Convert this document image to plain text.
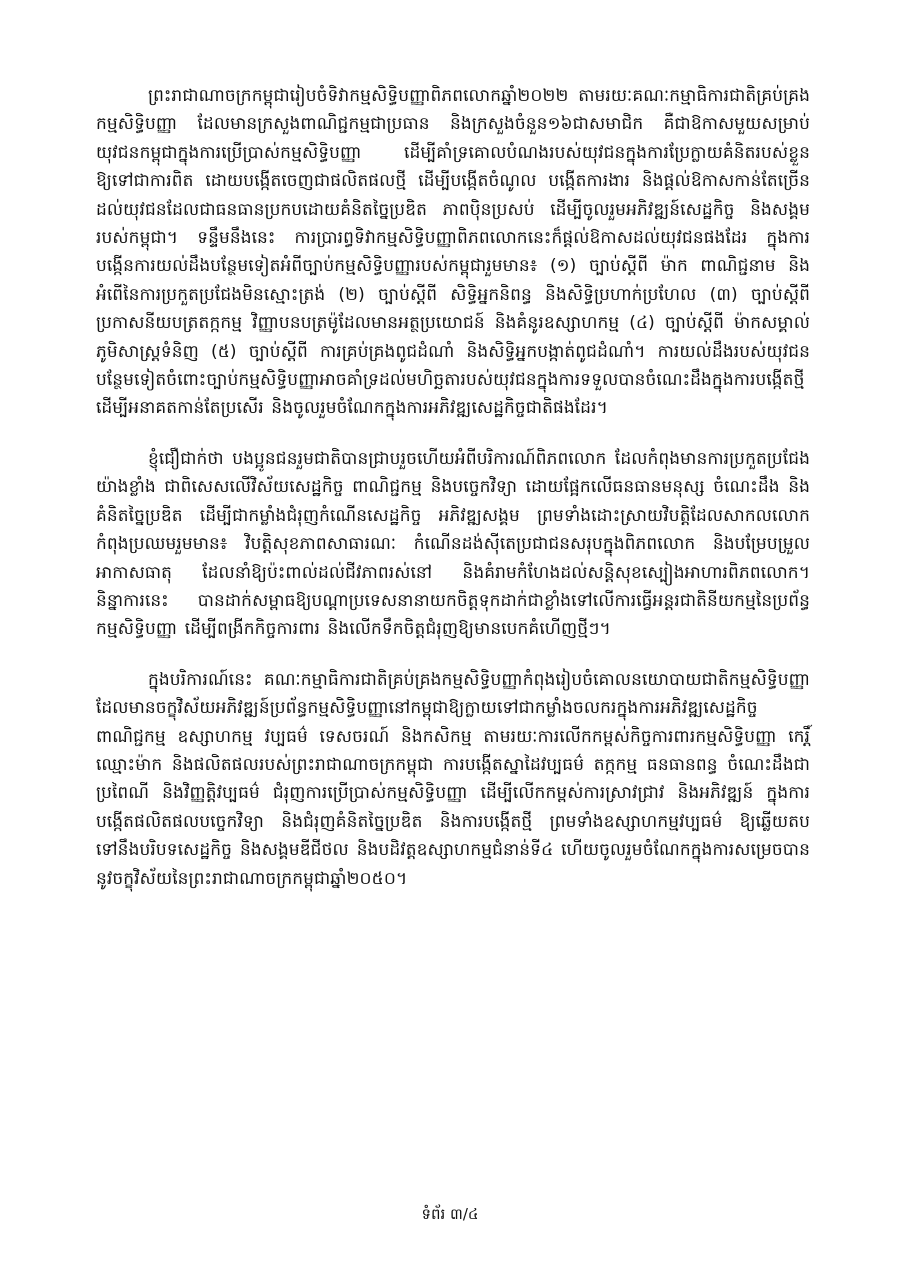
ព្រះរាជាណាចក្រកម្ពុជារៀបចំទិវាកម្មសិទ្ធិបញ្ញាពិភពលោកឆ្នាំ២០២២ តាមរយៈគណៈកម្មាធិការជាតិគ្រប់គ្រងកម្មសិទ្ធិបញ្ញា ដែលមានក្រសួងពាណិជ្ជកម្មជាប្រធាន និងក្រសួងចំនួន១៦ជាសមាជិក គឺជាឱកាសមួយសម្រាប់យុវជនកម្ពុជាក្នុងការប្រើប្រាស់កម្មសិទ្ធិបញ្ញា ដើម្បីគាំទ្រគោលបំណងរបស់យុវជនក្នុងការប្រែក្លាយគំនិតរបស់ខ្លួនឱ្យទៅជាការពិត ដោយបង្កើតចេញជាផលិតផលថ្មី ដើម្បីបង្កើតចំណូល បង្កើតការងារ និងផ្ដល់ឱកាសកាន់តែច្រើនដល់យុវជនដែលជាធនធានប្រកបដោយគំនិតច្នៃប្រឌិត ភាពប៉ិនប្រសប់ ដើម្បីចូលរួមអភិវឌ្ឍន៍សេដ្ឋកិច្ច និងសង្គមរបស់កម្ពុជា។ ទន្ទឹមនឹងនេះ ការប្រារព្ធទិវាកម្មសិទ្ធិបញ្ញាពិភពលោកនេះក៏ផ្ដល់ឱកាសដល់យុវជនផងដែរ ក្នុងការបង្កើនការយល់ដឹងបន្ថែមទៀតអំពីច្បាប់កម្មសិទ្ធិបញ្ញារបស់កម្ពុជារួមមាន៖ (១) ច្បាប់ស្ដីពី ម៉ាក ពាណិជ្ជនាម និងអំពើនៃការប្រកួតប្រជែងមិនស្មោះត្រង់ (២) ច្បាប់ស្ដីពី សិទ្ធិអ្នកនិពន្ធ និងសិទ្ធិប្រហាក់ប្រហែល (៣) ច្បាប់ស្ដីពី ប្រកាសនីយបត្រតក្កកម្ម វិញ្ញាបនបត្រម៉ូដែលមានអត្ថប្រយោជន៍ និងគំនូរឧស្សាហកម្ម (៤) ច្បាប់ស្ដីពី ម៉ាកសម្គាល់ភូមិសាស្ត្រទំនិញ (៥) ច្បាប់ស្ដីពី ការគ្រប់គ្រងពូជដំណាំ និងសិទ្ធិអ្នកបង្កាត់ពូជដំណាំ។ ការយល់ដឹងរបស់យុវជនបន្ថែមទៀតចំពោះច្បាប់កម្មសិទ្ធិបញ្ញាអាចគាំទ្រដល់មហិច្ឆតារបស់យុវជនក្នុងការទទួលបានចំណេះដឹងក្នុងការបង្កើតថ្មី ដើម្បីអនាគតកាន់តែប្រសើរ និងចូលរួមចំណែកក្នុងការអភិវឌ្ឍសេដ្ឋកិច្ចជាតិផងដែរ។

ខ្ញុំជឿជាក់ថា បងប្អូនជនរួមជាតិបានជ្រាបរួចហើយអំពីបរិការណ៍ពិភពលោក ដែលកំពុងមានការប្រកួតប្រជែងយ៉ាងខ្លាំង ជាពិសេសលើវិស័យសេដ្ឋកិច្ច ពាណិជ្ជកម្ម និងបច្ចេកវិទ្យា ដោយផ្អែកលើធនធានមនុស្ស ចំណេះដឹង និងគំនិតច្នៃប្រឌិត ដើម្បីជាកម្លាំងជំរុញកំណើនសេដ្ឋកិច្ច អភិវឌ្ឍសង្គម ព្រមទាំងដោះស្រាយវិបត្តិដែលសាកលលោកកំពុងប្រឈមរួមមាន៖ វិបត្តិសុខភាពសាធារណៈ កំណើនដង់ស៊ីតេប្រជាជនសរុបក្នុងពិភពលោក និងបម្រែបម្រួលអាកាសធាតុ ដែលនាំឱ្យប៉ះពាល់ដល់ជីវភាពរស់នៅ និងគំរាមកំហែងដល់សន្តិសុខស្បៀងអាហារពិភពលោក។ និន្នាការនេះ បានដាក់សម្ពាធឱ្យបណ្ដាប្រទេសនានាយកចិត្តទុកដាក់ជាខ្លាំងទៅលើការធ្វើអន្តរជាតិនីយកម្មនៃប្រព័ន្ធកម្មសិទ្ធិបញ្ញា ដើម្បីពង្រីកកិច្ចការពារ និងលើកទឹកចិត្តជំរុញឱ្យមានបេកគំហើញថ្មីៗ។

ក្នុងបរិការណ៍នេះ គណៈកម្មាធិការជាតិគ្រប់គ្រងកម្មសិទ្ធិបញ្ញាកំពុងរៀបចំគោលនយោបាយជាតិកម្មសិទ្ធិបញ្ញា ដែលមានចក្ខុវិស័យអភិវឌ្ឍន៍ប្រព័ន្ធកម្មសិទ្ធិបញ្ញានៅកម្ពុជាឱ្យក្លាយទៅជាកម្លាំងចលករក្នុងការអភិវឌ្ឍសេដ្ឋកិច្ច ពាណិជ្ជកម្ម ឧស្សាហកម្ម វប្បធម៌ ទេសចរណ៍ និងកសិកម្ម តាមរយៈការលើកកម្ពស់កិច្ចការពារកម្មសិទ្ធិបញ្ញា កេរ្តិ៍ឈ្មោះម៉ាក និងផលិតផលរបស់ព្រះរាជាណាចក្រកម្ពុជា ការបង្កើតស្នាដៃវប្បធម៌ តក្កកម្ម ធនធានពន្ធ ចំណេះដឹងជាប្រពៃណី និងវិញ្ញត្តិវប្បធម៌ ជំរុញការប្រើប្រាស់កម្មសិទ្ធិបញ្ញា ដើម្បីលើកកម្ពស់ការស្រាវជ្រាវ និងអភិវឌ្ឍន៍ ក្នុងការបង្កើតផលិតផលបច្ចេកវិទ្យា និងជំរុញគំនិតច្នៃប្រឌិត និងការបង្កើតថ្មី ព្រមទាំងឧស្សាហកម្មវប្បធម៌ ឱ្យឆ្លើយតបទៅនឹងបរិបទសេដ្ឋកិច្ច និងសង្គមឌីជីថល និងបដិវត្តឧស្សាហកម្មជំនាន់ទី៤ ហើយចូលរួមចំណែកក្នុងការសម្រេចបាននូវចក្ខុវិស័យនៃព្រះរាជាណាចក្រកម្ពុជាឆ្នាំ២០៥០។

ទំព័រ ៣/៤
